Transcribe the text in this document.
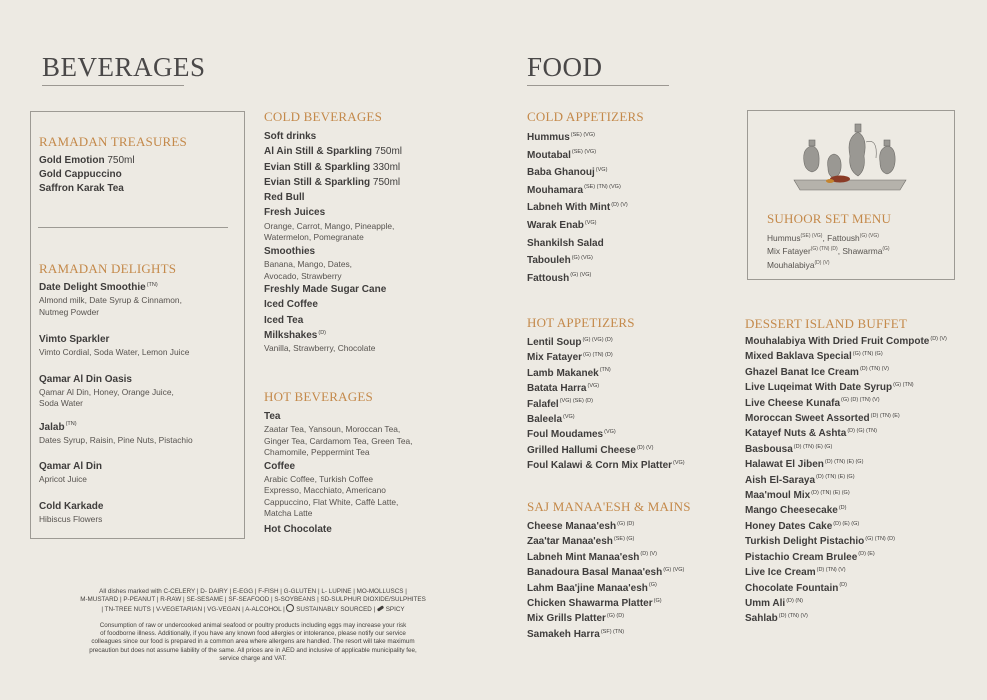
BEVERAGES
RAMADAN TREASURES
Gold Emotion 750ml
Gold Cappuccino
Saffron Karak Tea
RAMADAN DELIGHTS
Date Delight Smoothie$^{(TN)}$
Almond milk, Date Syrup & Cinnamon,
Nutmeg Powder
Vimto Sparkler
Vimto Cordial, Soda Water, Lemon Juice
Qamar Al Din Oasis
Qamar Al Din, Honey, Orange Juice,
Soda Water
Jalab$^{(TN)}$
Dates Syrup, Raisin, Pine Nuts, Pistachio
Qamar Al Din
Apricot Juice
Cold Karkade
Hibiscus Flowers
COLD BEVERAGES
Soft drinks
Al Ain Still & Sparkling 750ml
Evian Still & Sparkling 330ml
Evian Still & Sparkling 750ml
Red Bull
Fresh Juices
Orange, Carrot, Mango, Pineapple,
Watermelon, Pomegranate
Smoothies
Banana, Mango, Dates,
Avocado, Strawberry
Freshly Made Sugar Cane
Iced Coffee
Iced Tea
Milkshakes$^{(D)}$
Vanilla, Strawberry, Chocolate
HOT BEVERAGES
Tea
Zaatar Tea, Yansoun, Moroccan Tea,
Ginger Tea, Cardamom Tea, Green Tea,
Chamomile, Peppermint Tea
Coffee
Arabic Coffee, Turkish Coffee
Expresso, Macchiato, Americano
Cappuccino, Flat White, Caffè Latte,
Matcha Latte
Hot Chocolate
All dishes marked with C-CELERY | D- DAIRY | E-EGG | F-FISH | G-GLUTEN | L- LUPINE | MO-MOLLUSCS |
M-MUSTARD | P-PEANUT | R-RAW | SE-SESAME | SF-SEAFOOD | S-SOYBEANS | SD-SULPHUR DIOXIDE/SULPHITES
| TN-TREE NUTS | V-VEGETARIAN | VG-VEGAN | A-ALCOHOL | SUSTAINABLY SOURCED | SPICY
Consumption of raw or undercooked animal seafood or poultry products including eggs may increase your risk
of foodborne illness. Additionally, if you have any known food allergies or intolerance, please notify our service
colleagues since our food is prepared in a common area where allergens are handled. The resort will take maximum
precaution but does not assume liability of the same. All prices are in AED and inclusive of applicable municipality fee,
service charge and VAT.
FOOD
COLD APPETIZERS
Hummus$^{(SE) (VG)}$
Moutabal$^{(SE) (VG)}$
Baba Ghanouj$^{(VG)}$
Mouhamara$^{(SE) (TN) (VG)}$
Labneh With Mint$^{(D) (V)}$
Warak Enab$^{(VG)}$
Shankilsh Salad
Tabouleh$^{(G) (VG)}$
Fattoush$^{(G) (VG)}$
HOT APPETIZERS
Lentil Soup$^{(G) (VG) (D)}$
Mix Fatayer$^{(G) (TN) (D)}$
Lamb Makanek$^{(TN)}$
Batata Harra$^{(VG)}$
Falafel$^{(VG) (SE) (D)}$
Baleela$^{(VG)}$
Foul Moudames$^{(VG)}$
Grilled Hallumi Cheese$^{(D) (V)}$
Foul Kalawi & Corn Mix Platter$^{(VG)}$
SAJ MANAA'ESH & MAINS
Cheese Manaa'esh$^{(G) (D)}$
Zaa'tar Manaa'esh$^{(SE) (G)}$
Labneh Mint Manaa'esh$^{(D) (V)}$
Banadoura Basal Manaa'esh$^{(G) (VG)}$
Lahm Baa'jine Manaa'esh$^{(G)}$
Chicken Shawarma Platter$^{(G)}$
Mix Grills Platter$^{(G) (D)}$
Samakeh Harra$^{(SF) (TN)}$
SUHOOR SET MENU
Hummus$^{(SE) (VG)}$, Fattoush$^{(G) (VG)}$
Mix Fatayer$^{(G) (TN) (D)}$, Shawarma$^{(G)}$
Mouhalabiya$^{(D) (V)}$
DESSERT ISLAND BUFFET
Mouhalabiya With Dried Fruit Compote$^{(D) (V)}$
Mixed Baklava Special$^{(G) (TN) (G)}$
Ghazel Banat Ice Cream$^{(D) (TN) (V)}$
Live Luqeimat With Date Syrup$^{(G) (TN)}$
Live Cheese Kunafa$^{(G) (D) (TN) (V)}$
Moroccan Sweet Assorted$^{(D) (TN) (E)}$
Katayef Nuts & Ashta$^{(D) (G) (TN)}$
Basbousa$^{(D) (TN) (E) (G)}$
Halawat El Jiben$^{(D) (TN) (E) (G)}$
Aish El-Saraya$^{(D) (TN) (E) (G)}$
Maa'moul Mix$^{(D) (TN) (E) (G)}$
Mango Cheesecake$^{(D)}$
Honey Dates Cake$^{(D) (E) (G)}$
Turkish Delight Pistachio$^{(G) (TN) (D)}$
Pistachio Cream Brulee$^{(D) (E)}$
Live Ice Cream$^{(D) (TN) (V)}$
Chocolate Fountain$^{(D)}$
Umm Ali$^{(D) (N)}$
Sahlab$^{(D) (TN) (V)}$
